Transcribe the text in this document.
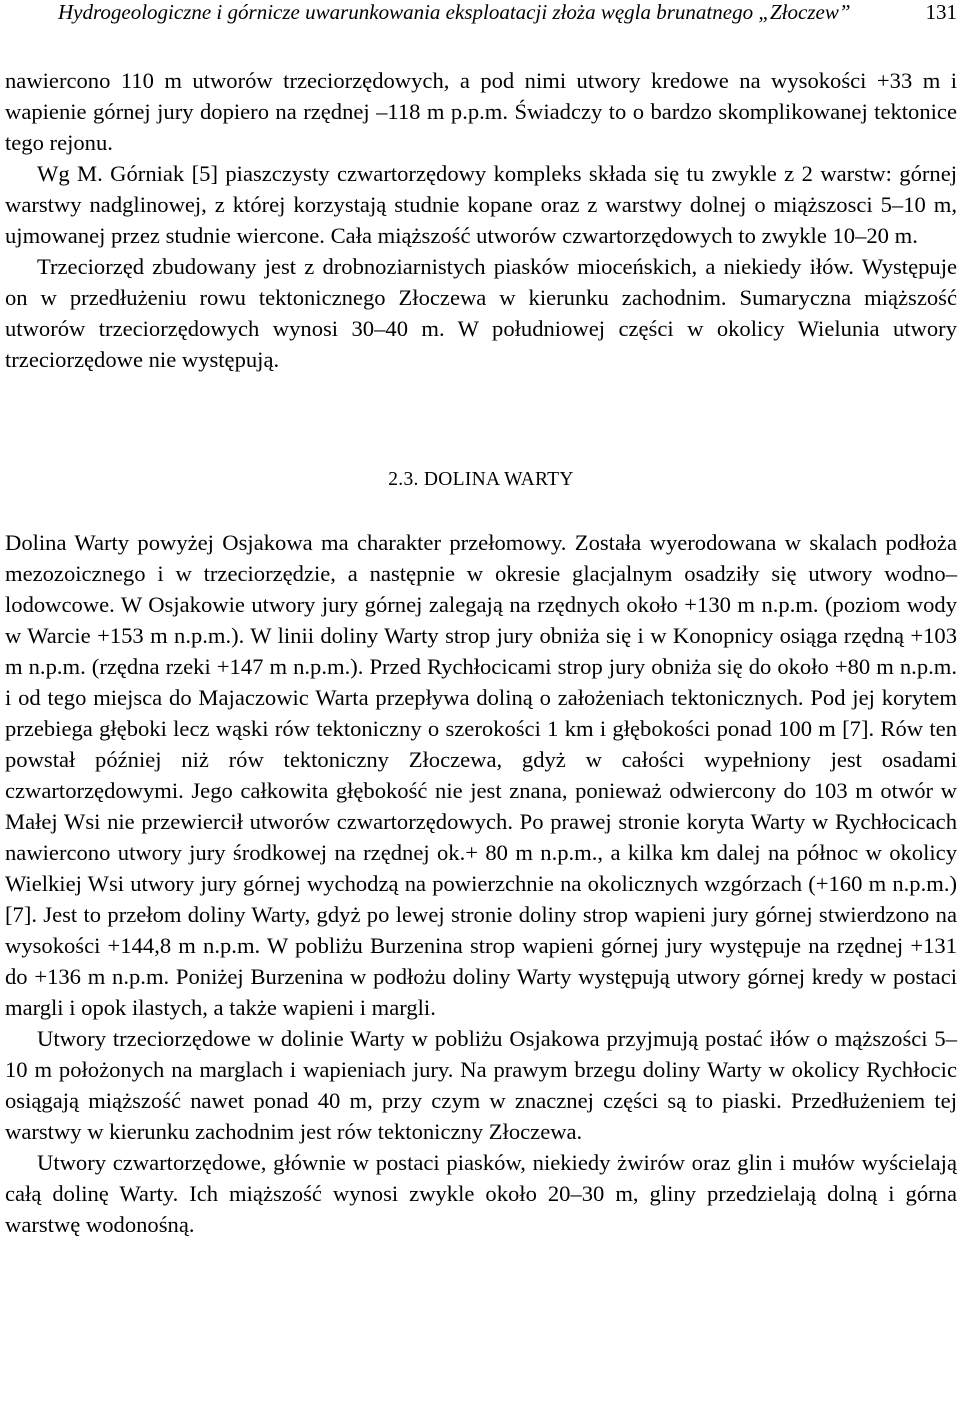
Hydrogeologiczne i górnicze uwarunkowania eksploatacji złoża węgla brunatnego „Złoczew”	131

nawiercono 110 m utworów trzeciorzędowych, a pod nimi utwory kredowe na wysokości +33 m i wapienie górnej jury dopiero na rzędnej –118 m p.p.m. Świadczy to o bardzo skomplikowanej tektonice tego rejonu.

Wg M. Górniak [5] piaszczysty czwartorzędowy kompleks składa się tu zwykle z 2 warstw: górnej warstwy nadglinowej, z której korzystają studnie kopane oraz z warstwy dolnej o miąższosci 5–10 m, ujmowanej przez studnie wiercone. Cała miąższość utworów czwartorzędowych to zwykle 10–20 m.

Trzeciorzęd zbudowany jest z drobnoziarnistych piasków mioceńskich, a niekiedy iłów. Występuje on w przedłużeniu rowu tektonicznego Złoczewa w kierunku zachodnim. Sumaryczna miąższość utworów trzeciorzędowych wynosi 30–40 m. W południowej części w okolicy Wielunia utwory trzeciorzędowe nie występują.

2.3. DOLINA WARTY

Dolina Warty powyżej Osjakowa ma charakter przełomowy. Została wyerodowana w skalach podłoża mezozoicznego i w trzeciorzędzie, a następnie w okresie glacjalnym osadziły się utwory wodno–lodowcowe. W Osjakowie utwory jury górnej zalegają na rzędnych około +130 m n.p.m. (poziom wody w Warcie +153 m n.p.m.). W linii doliny Warty strop jury obniża się i w Konopnicy osiąga rzędną +103 m n.p.m. (rzędna rzeki +147 m n.p.m.). Przed Rychłocicami strop jury obniża się do około +80 m n.p.m. i od tego miejsca do Majaczowic Warta przepływa doliną o założeniach tektonicznych. Pod jej korytem przebiega głęboki lecz wąski rów tektoniczny o szerokości 1 km i głębokości ponad 100 m [7]. Rów ten powstał później niż rów tektoniczny Złoczewa, gdyż w całości wypełniony jest osadami czwartorzędowymi. Jego całkowita głębokość nie jest znana, ponieważ odwiercony do 103 m otwór w Małej Wsi nie przewiercił utworów czwartorzędowych. Po prawej stronie koryta Warty w Rychłocicach nawiercono utwory jury środkowej na rzędnej ok.+ 80 m n.p.m., a kilka km dalej na północ w okolicy Wielkiej Wsi utwory jury górnej wychodzą na powierzchnie na okolicznych wzgórzach (+160 m n.p.m.) [7]. Jest to przełom doliny Warty, gdyż po lewej stronie doliny strop wapieni jury górnej stwierdzono na wysokości +144,8 m n.p.m. W pobliżu Burzenina strop wapieni górnej jury występuje na rzędnej +131 do +136 m n.p.m. Poniżej Burzenina w podłożu doliny Warty występują utwory górnej kredy w postaci margli i opok ilastych, a także wapieni i margli.

Utwory trzeciorzędowe w dolinie Warty w pobliżu Osjakowa przyjmują postać iłów o mąższości 5–10 m położonych na marglach i wapieniach jury. Na prawym brzegu doliny Warty w okolicy Rychłocic osiągają miąższość nawet ponad 40 m, przy czym w znacznej części są to piaski. Przedłużeniem tej warstwy w kierunku zachodnim jest rów tektoniczny Złoczewa.

Utwory czwartorzędowe, głównie w postaci piasków, niekiedy żwirów oraz glin i mułów wyścielają całą dolinę Warty. Ich miąższość wynosi zwykle około 20–30 m, gliny przedzielają dolną i górna warstwę wodonośną.
